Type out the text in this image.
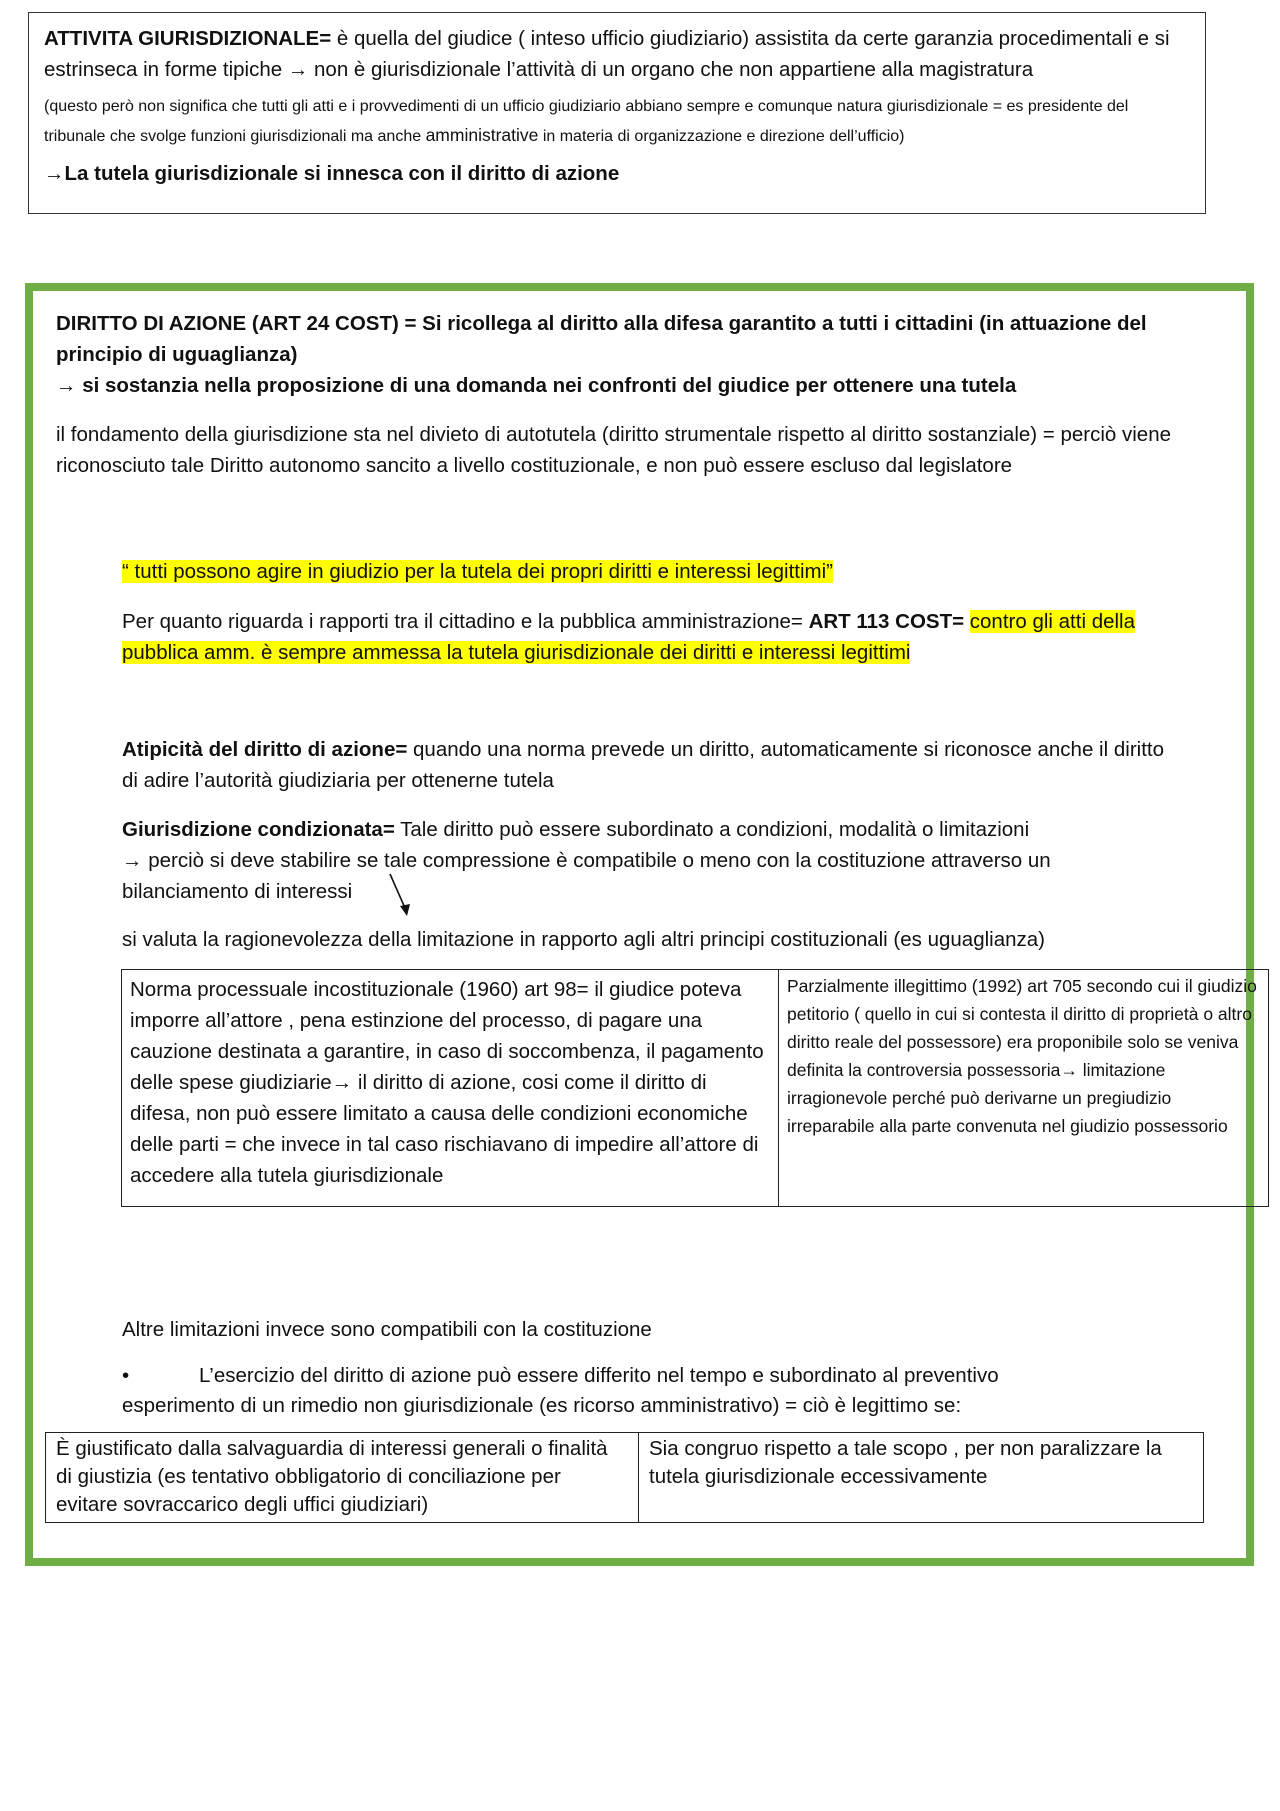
ATTIVITA GIURISDIZIONALE= è quella del giudice ( inteso ufficio giudiziario) assistita da certe garanzia procedimentali e si estrinseca in forme tipiche → non è giurisdizionale l’attività di un organo che non appartiene alla magistratura

(questo però non significa che tutti gli atti e i provvedimenti di un ufficio giudiziario abbiano sempre e comunque natura giurisdizionale = es presidente del tribunale che svolge funzioni giurisdizionali ma anche amministrative in materia di organizzazione e direzione dell’ufficio)

→La tutela giurisdizionale si innesca con il diritto di azione

DIRITTO DI AZIONE (ART 24 COST) = Si ricollega al diritto alla difesa garantito a tutti i cittadini (in attuazione del principio di uguaglianza)

→ si sostanzia nella proposizione di una domanda nei confronti del giudice per ottenere una tutela

il fondamento della giurisdizione sta nel divieto di autotutela (diritto strumentale rispetto al diritto sostanziale) = perciò viene riconosciuto tale Diritto autonomo sancito a livello costituzionale, e non può essere escluso dal legislatore

“ tutti possono agire in giudizio per la tutela dei propri diritti e interessi legittimi”

Per quanto riguarda i rapporti tra il cittadino e la pubblica amministrazione= ART 113 COST= contro gli atti della pubblica amm. è sempre ammessa la tutela giurisdizionale dei diritti e interessi legittimi

Atipicità del diritto di azione= quando una norma prevede un diritto, automaticamente si riconosce anche il diritto di adire l’autorità giudiziaria per ottenerne tutela

Giurisdizione condizionata= Tale diritto può essere subordinato a condizioni, modalità o limitazioni
→ perciò si deve stabilire se tale compressione è compatibile o meno con la costituzione attraverso un bilanciamento di interessi

si valuta la ragionevolezza della limitazione in rapporto agli altri principi costituzionali (es uguaglianza)

Norma processuale incostituzionale (1960) art 98= il giudice poteva imporre all’attore , pena estinzione del processo, di pagare una cauzione destinata a garantire, in caso di soccombenza, il pagamento delle spese giudiziarie→ il diritto di azione, cosi come il diritto di difesa, non può essere limitato a causa delle condizioni economiche delle parti = che invece in tal caso rischiavano di impedire all’attore di accedere alla tutela giurisdizionale	Parzialmente illegittimo (1992) art 705 secondo cui il giudizio petitorio ( quello in cui si contesta il diritto di proprietà o altro diritto reale del possessore) era proponibile solo se veniva definita la controversia possessoria→ limitazione irragionevole perché può derivarne un pregiudizio irreparabile alla parte convenuta nel giudizio possessorio

Altre limitazioni invece sono compatibili con la costituzione

•	L’esercizio del diritto di azione può essere differito nel tempo e subordinato al preventivo

esperimento di un rimedio non giurisdizionale (es ricorso amministrativo) = ciò è legittimo se:

È giustificato dalla salvaguardia di interessi generali o finalità di giustizia (es tentativo obbligatorio di conciliazione per evitare sovraccarico degli uffici giudiziari)	Sia congruo rispetto a tale scopo , per non paralizzare la tutela giurisdizionale eccessivamente
